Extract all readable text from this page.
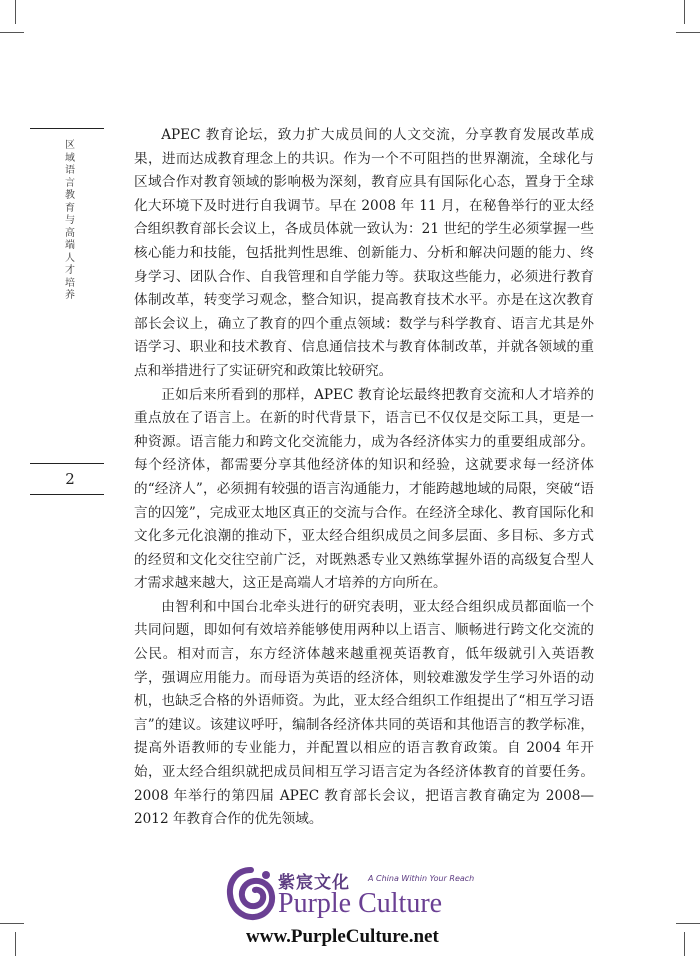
区域语言教育与高端人才培养
2

APEC 教育论坛，致力扩大成员间的人文交流，分享教育发展改革成果，进而达成教育理念上的共识。作为一个不可阻挡的世界潮流，全球化与区域合作对教育领域的影响极为深刻，教育应具有国际化心态，置身于全球化大环境下及时进行自我调节。早在 2008 年 11 月，在秘鲁举行的亚太经合组织教育部长会议上，各成员体就一致认为：21 世纪的学生必须掌握一些核心能力和技能，包括批判性思维、创新能力、分析和解决问题的能力、终身学习、团队合作、自我管理和自学能力等。获取这些能力，必须进行教育体制改革，转变学习观念，整合知识，提高教育技术水平。亦是在这次教育部长会议上，确立了教育的四个重点领域：数学与科学教育、语言尤其是外语学习、职业和技术教育、信息通信技术与教育体制改革，并就各领域的重点和举措进行了实证研究和政策比较研究。

正如后来所看到的那样，APEC 教育论坛最终把教育交流和人才培养的重点放在了语言上。在新的时代背景下，语言已不仅仅是交际工具，更是一种资源。语言能力和跨文化交流能力，成为各经济体实力的重要组成部分。每个经济体，都需要分享其他经济体的知识和经验，这就要求每一经济体的“经济人”，必须拥有较强的语言沟通能力，才能跨越地域的局限，突破“语言的囚笼”，完成亚太地区真正的交流与合作。在经济全球化、教育国际化和文化多元化浪潮的推动下，亚太经合组织成员之间多层面、多目标、多方式的经贸和文化交往空前广泛，对既熟悉专业又熟练掌握外语的高级复合型人才需求越来越大，这正是高端人才培养的方向所在。

由智利和中国台北牵头进行的研究表明，亚太经合组织成员都面临一个共同问题，即如何有效培养能够使用两种以上语言、顺畅进行跨文化交流的公民。相对而言，东方经济体越来越重视英语教育，低年级就引入英语教学，强调应用能力。而母语为英语的经济体，则较难激发学生学习外语的动机，也缺乏合格的外语师资。为此，亚太经合组织工作组提出了“相互学习语言”的建议。该建议呼吁，编制各经济体共同的英语和其他语言的教学标准，提高外语教师的专业能力，并配置以相应的语言教育政策。自 2004 年开始，亚太经合组织就把成员间相互学习语言定为各经济体教育的首要任务。2008 年举行的第四届 APEC 教育部长会议，把语言教育确定为 2008—2012 年教育合作的优先领域。

紫宸文化 A China Within Your Reach
Purple Culture
www.PurpleCulture.net
